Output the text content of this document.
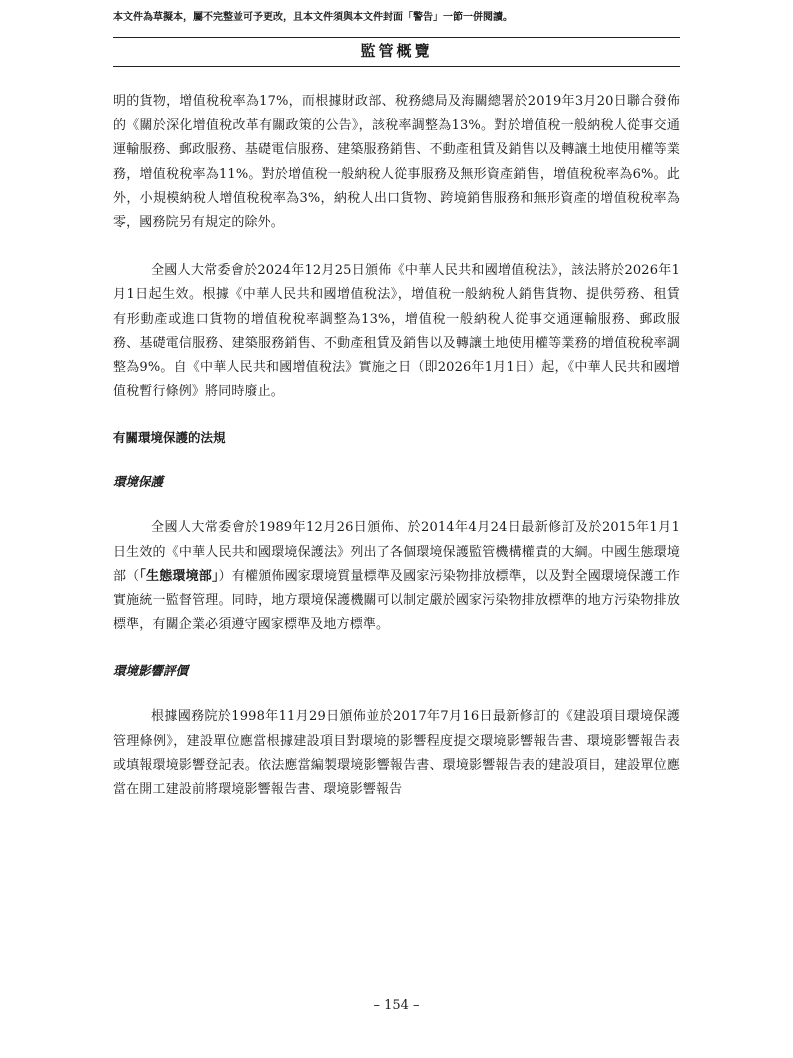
本文件為草擬本，屬不完整並可予更改，且本文件須與本文件封面「警告」一節一併閱讀。
監管概覽

明的貨物，增值稅稅率為17%，而根據財政部、稅務總局及海關總署於2019年3月20日聯合發佈的《關於深化增值稅改革有關政策的公告》，該稅率調整為13%。對於增值稅一般納稅人從事交通運輸服務、郵政服務、基礎電信服務、建築服務銷售、不動產租賃及銷售以及轉讓土地使用權等業務，增值稅稅率為11%。對於增值稅一般納稅人從事服務及無形資產銷售，增值稅稅率為6%。此外，小規模納稅人增值稅稅率為3%，納稅人出口貨物、跨境銷售服務和無形資產的增值稅稅率為零，國務院另有規定的除外。

全國人大常委會於2024年12月25日頒佈《中華人民共和國增值稅法》，該法將於2026年1月1日起生效。根據《中華人民共和國增值稅法》，增值稅一般納稅人銷售貨物、提供勞務、租賃有形動產或進口貨物的增值稅稅率調整為13%，增值稅一般納稅人從事交通運輸服務、郵政服務、基礎電信服務、建築服務銷售、不動產租賃及銷售以及轉讓土地使用權等業務的增值稅稅率調整為9%。自《中華人民共和國增值稅法》實施之日（即2026年1月1日）起，《中華人民共和國增值稅暫行條例》將同時廢止。

有關環境保護的法規

環境保護

全國人大常委會於1989年12月26日頒佈、於2014年4月24日最新修訂及於2015年1月1日生效的《中華人民共和國環境保護法》列出了各個環境保護監管機構權責的大綱。中國生態環境部（「生態環境部」）有權頒佈國家環境質量標準及國家污染物排放標準，以及對全國環境保護工作實施統一監督管理。同時，地方環境保護機關可以制定嚴於國家污染物排放標準的地方污染物排放標準，有關企業必須遵守國家標準及地方標準。

環境影響評價

根據國務院於1998年11月29日頒佈並於2017年7月16日最新修訂的《建設項目環境保護管理條例》，建設單位應當根據建設項目對環境的影響程度提交環境影響報告書、環境影響報告表或填報環境影響登記表。依法應當編製環境影響報告書、環境影響報告表的建設項目，建設單位應當在開工建設前將環境影響報告書、環境影響報告

– 154 –
